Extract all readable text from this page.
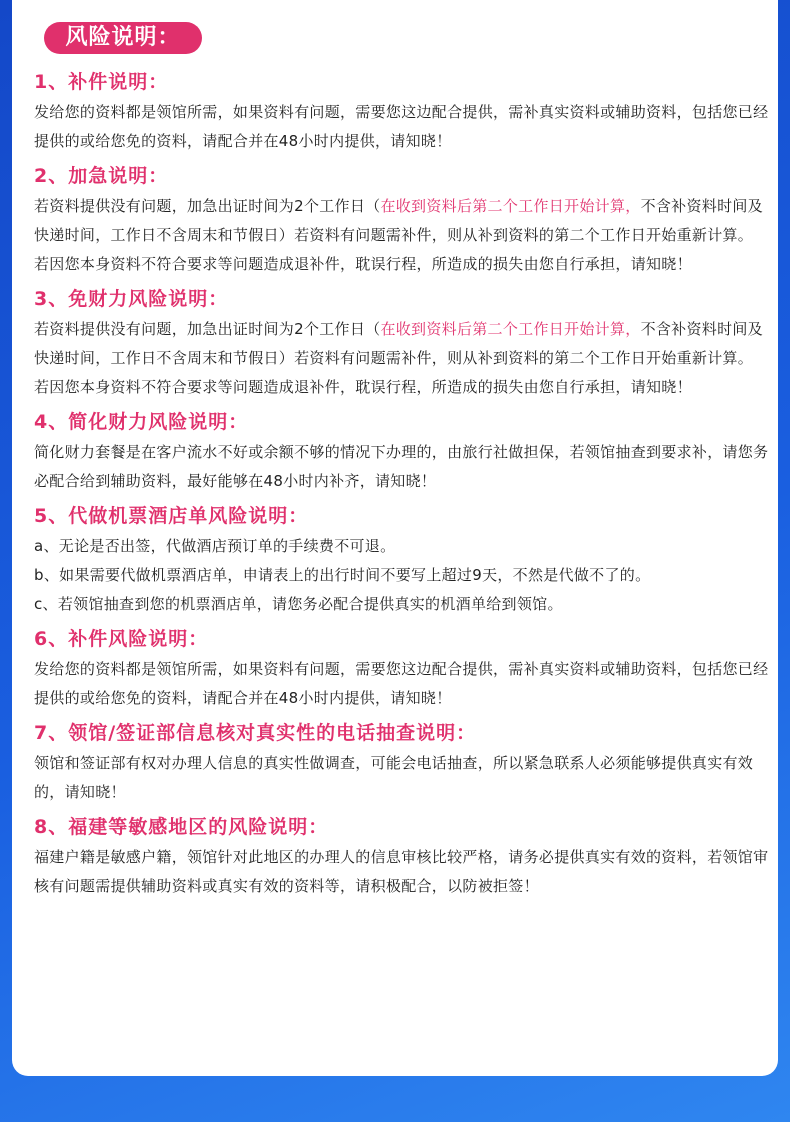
风险说明：
1、补件说明：
发给您的资料都是领馆所需，如果资料有问题，需要您这边配合提供，需补真实资料或辅助资料，包括您已经提供的或给您免的资料，请配合并在48小时内提供，请知晓！
2、加急说明：
若资料提供没有问题，加急出证时间为2个工作日（在收到资料后第二个工作日开始计算，不含补资料时间及快递时间，工作日不含周末和节假日）若资料有问题需补件，则从补到资料的第二个工作日开始重新计算。
若因您本身资料不符合要求等问题造成退补件，耽误行程，所造成的损失由您自行承担，请知晓！
3、免财力风险说明：
若资料提供没有问题，加急出证时间为2个工作日（在收到资料后第二个工作日开始计算，不含补资料时间及快递时间，工作日不含周末和节假日）若资料有问题需补件，则从补到资料的第二个工作日开始重新计算。
若因您本身资料不符合要求等问题造成退补件，耽误行程，所造成的损失由您自行承担，请知晓！
4、简化财力风险说明：
简化财力套餐是在客户流水不好或余额不够的情况下办理的，由旅行社做担保，若领馆抽查到要求补，请您务必配合给到辅助资料，最好能够在48小时内补齐，请知晓！
5、代做机票酒店单风险说明：
a、无论是否出签，代做酒店预订单的手续费不可退。
b、如果需要代做机票酒店单，申请表上的出行时间不要写上超过9天，不然是代做不了的。
c、若领馆抽查到您的机票酒店单，请您务必配合提供真实的机酒单给到领馆。
6、补件风险说明：
发给您的资料都是领馆所需，如果资料有问题，需要您这边配合提供，需补真实资料或辅助资料，包括您已经提供的或给您免的资料，请配合并在48小时内提供，请知晓！
7、领馆/签证部信息核对真实性的电话抽查说明：
领馆和签证部有权对办理人信息的真实性做调查，可能会电话抽查，所以紧急联系人必须能够提供真实有效的，请知晓！
8、福建等敏感地区的风险说明：
福建户籍是敏感户籍，领馆针对此地区的办理人的信息审核比较严格，请务必提供真实有效的资料，若领馆审核有问题需提供辅助资料或真实有效的资料等，请积极配合，以防被拒签！
